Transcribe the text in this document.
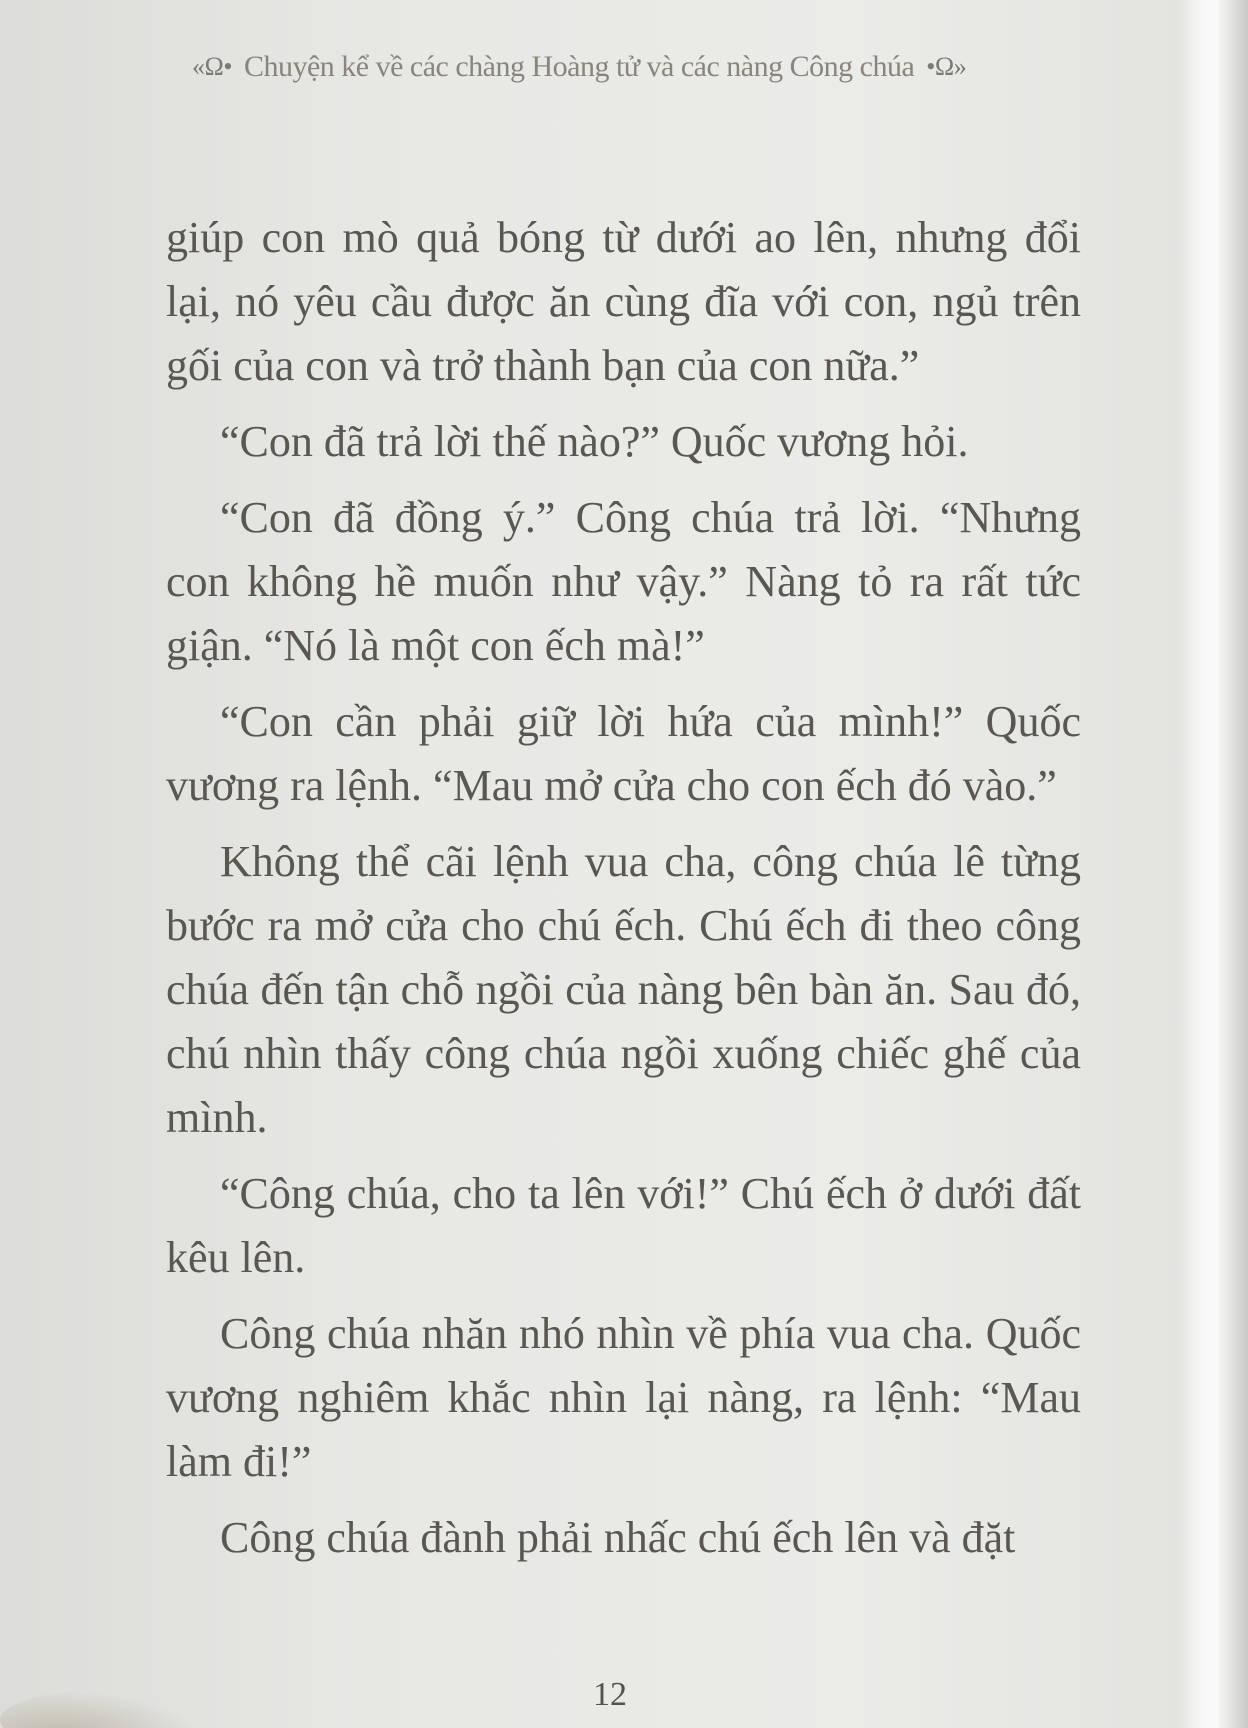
«Ω• Chuyện kể về các chàng Hoàng tử và các nàng Công chúa •Ω»

giúp con mò quả bóng từ dưới ao lên, nhưng đổi lại, nó yêu cầu được ăn cùng đĩa với con, ngủ trên gối của con và trở thành bạn của con nữa.”

“Con đã trả lời thế nào?” Quốc vương hỏi.

“Con đã đồng ý.” Công chúa trả lời. “Nhưng con không hề muốn như vậy.” Nàng tỏ ra rất tức giận. “Nó là một con ếch mà!”

“Con cần phải giữ lời hứa của mình!” Quốc vương ra lệnh. “Mau mở cửa cho con ếch đó vào.”

Không thể cãi lệnh vua cha, công chúa lê từng bước ra mở cửa cho chú ếch. Chú ếch đi theo công chúa đến tận chỗ ngồi của nàng bên bàn ăn. Sau đó, chú nhìn thấy công chúa ngồi xuống chiếc ghế của mình.

“Công chúa, cho ta lên với!” Chú ếch ở dưới đất kêu lên.

Công chúa nhăn nhó nhìn về phía vua cha. Quốc vương nghiêm khắc nhìn lại nàng, ra lệnh: “Mau làm đi!”

Công chúa đành phải nhấc chú ếch lên và đặt

12
